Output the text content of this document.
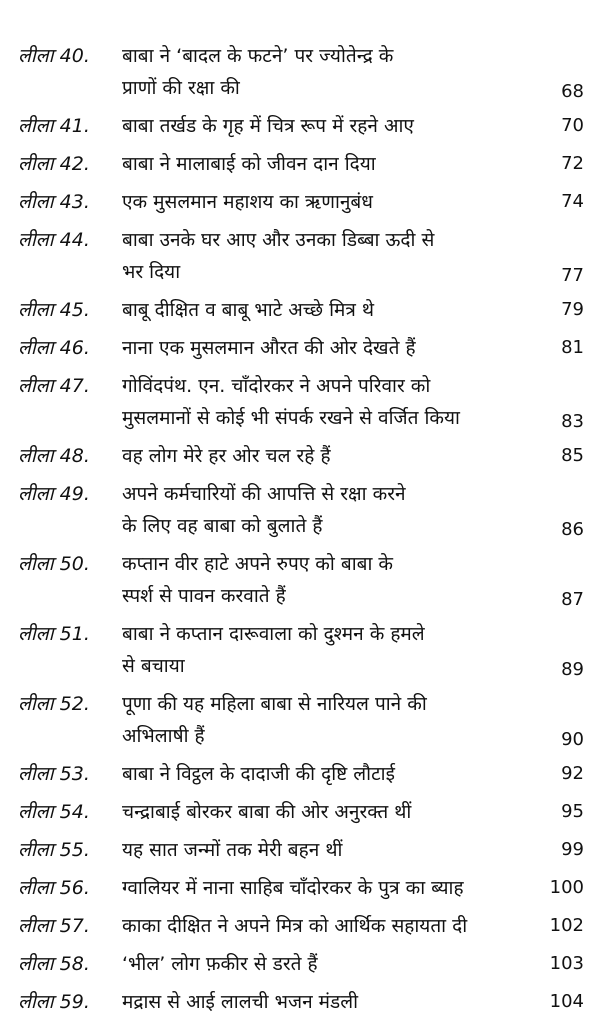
लीला 40. बाबा ने ‘बादल के फटने’ पर ज्योतेन्द्र के
प्राणों की रक्षा की	68
लीला 41. बाबा तर्खड के गृह में चित्र रूप में रहने आए	70
लीला 42. बाबा ने मालाबाई को जीवन दान दिया	72
लीला 43. एक मुसलमान महाशय का ऋणानुबंध	74
लीला 44. बाबा उनके घर आए और उनका डिब्बा ऊदी से
भर दिया	77
लीला 45. बाबू दीक्षित व बाबू भाटे अच्छे मित्र थे	79
लीला 46. नाना एक मुसलमान औरत की ओर देखते हैं	81
लीला 47. गोविंदपंथ. एन. चाँदोरकर ने अपने परिवार को
मुसलमानों से कोई भी संपर्क रखने से वर्जित किया	83
लीला 48. वह लोग मेरे हर ओर चल रहे हैं	85
लीला 49. अपने कर्मचारियों की आपत्ति से रक्षा करने
के लिए वह बाबा को बुलाते हैं	86
लीला 50. कप्तान वीर हाटे अपने रुपए को बाबा के
स्पर्श से पावन करवाते हैं	87
लीला 51. बाबा ने कप्तान दारूवाला को दुश्मन के हमले
से बचाया	89
लीला 52. पूणा की यह महिला बाबा से नारियल पाने की
अभिलाषी हैं	90
लीला 53. बाबा ने विट्ठल के दादाजी की दृष्टि लौटाई	92
लीला 54. चन्द्राबाई बोरकर बाबा की ओर अनुरक्त थीं	95
लीला 55. यह सात जन्मों तक मेरी बहन थीं	99
लीला 56. ग्वालियर में नाना साहिब चाँदोरकर के पुत्र का ब्याह	100
लीला 57. काका दीक्षित ने अपने मित्र को आर्थिक सहायता दी	102
लीला 58. ‘भील’ लोग फ़कीर से डरते हैं	103
लीला 59. मद्रास से आई लालची भजन मंडली	104
